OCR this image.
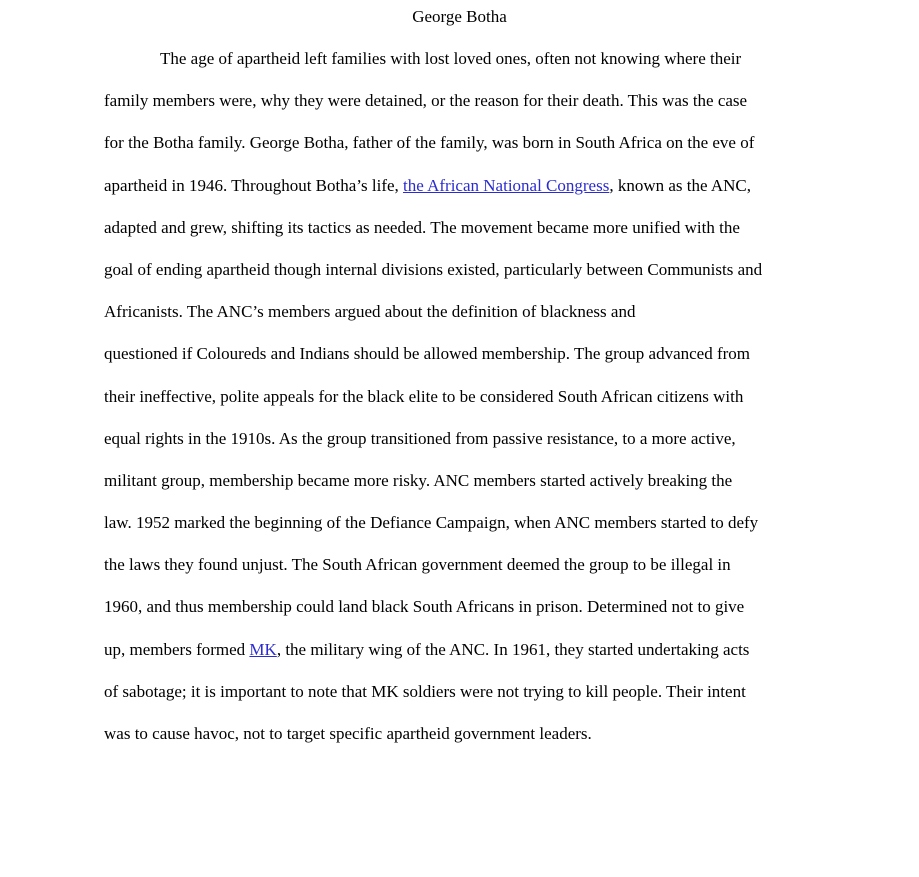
George Botha
The age of apartheid left families with lost loved ones, often not knowing where their
family members were, why they were detained, or the reason for their death. This was the case
for the Botha family. George Botha, father of the family, was born in South Africa on the eve of
apartheid in 1946. Throughout Botha’s life, the African National Congress, known as the ANC,
adapted and grew, shifting its tactics as needed. The movement became more unified with the
goal of ending apartheid though internal divisions existed, particularly between Communists and
Africanists. The ANC’s members argued about the definition of blackness and
questioned if Coloureds and Indians should be allowed membership. The group advanced from
their ineffective, polite appeals for the black elite to be considered South African citizens with
equal rights in the 1910s. As the group transitioned from passive resistance, to a more active,
militant group, membership became more risky. ANC members started actively breaking the
law. 1952 marked the beginning of the Defiance Campaign, when ANC members started to defy
the laws they found unjust. The South African government deemed the group to be illegal in
1960, and thus membership could land black South Africans in prison. Determined not to give
up, members formed MK, the military wing of the ANC. In 1961, they started undertaking acts
of sabotage; it is important to note that MK soldiers were not trying to kill people. Their intent
was to cause havoc, not to target specific apartheid government leaders.
